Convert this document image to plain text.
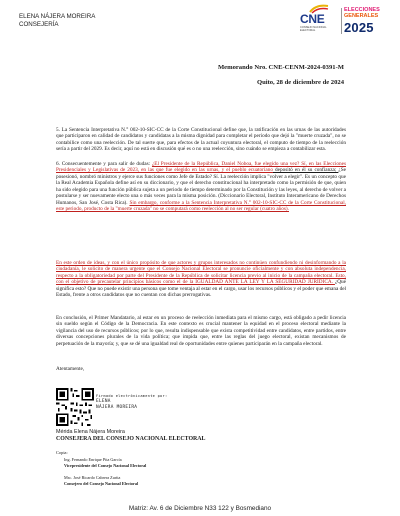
ELENA NÁJERA MOREIRA
CONSEJERÍA	CNE
CONSEJO NACIONAL ELECTORAL
ELECCIONES
GENERALES
2025
Memorando Nro. CNE-CENM-2024-0391-M
Quito, 28 de diciembre de 2024

5. La Sentencia Interpretativa N.° 002-10-SIC-CC de la Corte Constitucional define que, la ratificación en las urnas de las autoridades que participaron en calidad de candidatos y candidatas a la misma dignidad para completar el periodo que dejó la "muerte cruzada", no se contabilice como una reelección. De tal suerte que, para efectos de la actual coyuntura electoral, el computo de tiempo de la reelección sería a partir del 2029. Es decir, aquí no está en discusión qué es o no una reelección, sino cuándo se empieza a contabilizar esta.

6. Consecuentemente y para salir de dudas: ¿El Presidente de la República, Daniel Noboa, fue elegido una vez? Sí, en las Elecciones Presidenciales y Legislativas de 2023, en las que fue elegido en las urnas, y el pueblo ecuatoriano depositó en él su confianza; ¿Se posesionó, nombró ministros y ejerce sus funciones como Jefe de Estado? Sí. La reelección implica "volver a elegir". Es un concepto que la Real Academia Española define así en su diccionario, y que el derecho constitucional ha interpretado como la permisión de que, quien ha sido elegido para una función pública sujeta a un periodo de tiempo determinado por la Constitución y las leyes, al derecho de volver a postularse y ser nuevamente electo una o más veces para la misma posición. (Diccionario Electoral, Instituto Interamericano de Derechos Humanos, San José, Costa Rica). Sin embargo, conforme a la Sentencia Interpretativa N.° 002-10-SIC-CC de la Corte Constitucional, este periodo, producto de la "muerte cruzada" no se computará como reelección al no ser regular (cuatro años).

En este orden de ideas, y con el único propósito de que actores y grupos interesados no continúen confundiendo ni desinformando a la ciudadanía, le solicito de manera urgente que el Consejo Nacional Electoral se pronuncie oficialmente y con absoluta independencia, respecto a la obligatoriedad por parte del Presidente de la República de solicitar licencia previo al inicio de la campaña electoral. Esto, con el objetivo de precautelar principios básicos como el de la IGUALDAD ANTE LA LEY Y LA SEGURIDAD JURÍDICA. ¿Qué significa esto? Que no puede existir una persona que tome ventaja al estar en el cargo, usar los recursos públicos y el poder que emana del Estado, frente a otros candidatos que no cuentan con dichas prerrogativas.

En conclusión, el Primer Mandatario, al estar en un proceso de reelección inmediata para el mismo cargo, está obligado a pedir licencia sin sueldo según el Código de la Democracia. En este contexto es crucial mantener la equidad en el proceso electoral mediante la vigilancia del uso de recursos públicos; por lo que, resulta indispensable que exista competitividad entre candidatos, entre partidos, entre diversas concepciones plurales de la vida política; que impida que, entre las reglas del juego electoral, existan mecanismos de perpetuación de la mayoría; y, que se dé una igualdad real de oportunidades entre quienes participarán en la campaña electoral.

Atentamente,
Firmado electrónicamente por:
ELENA
NÁJERA MOREIRA
Mérida Elena Nájera Moreira
CONSEJERA DEL CONSEJO NACIONAL ELECTORAL
Copia:
Ing. Fernando Enrique Pita García
Vicepresidente del Consejo Nacional Electoral
Msc. José Ricardo Cabrera Zurita
Consejero del Consejo Nacional Electoral
Matriz: Av. 6 de Diciembre N33 122 y Bosmediano
